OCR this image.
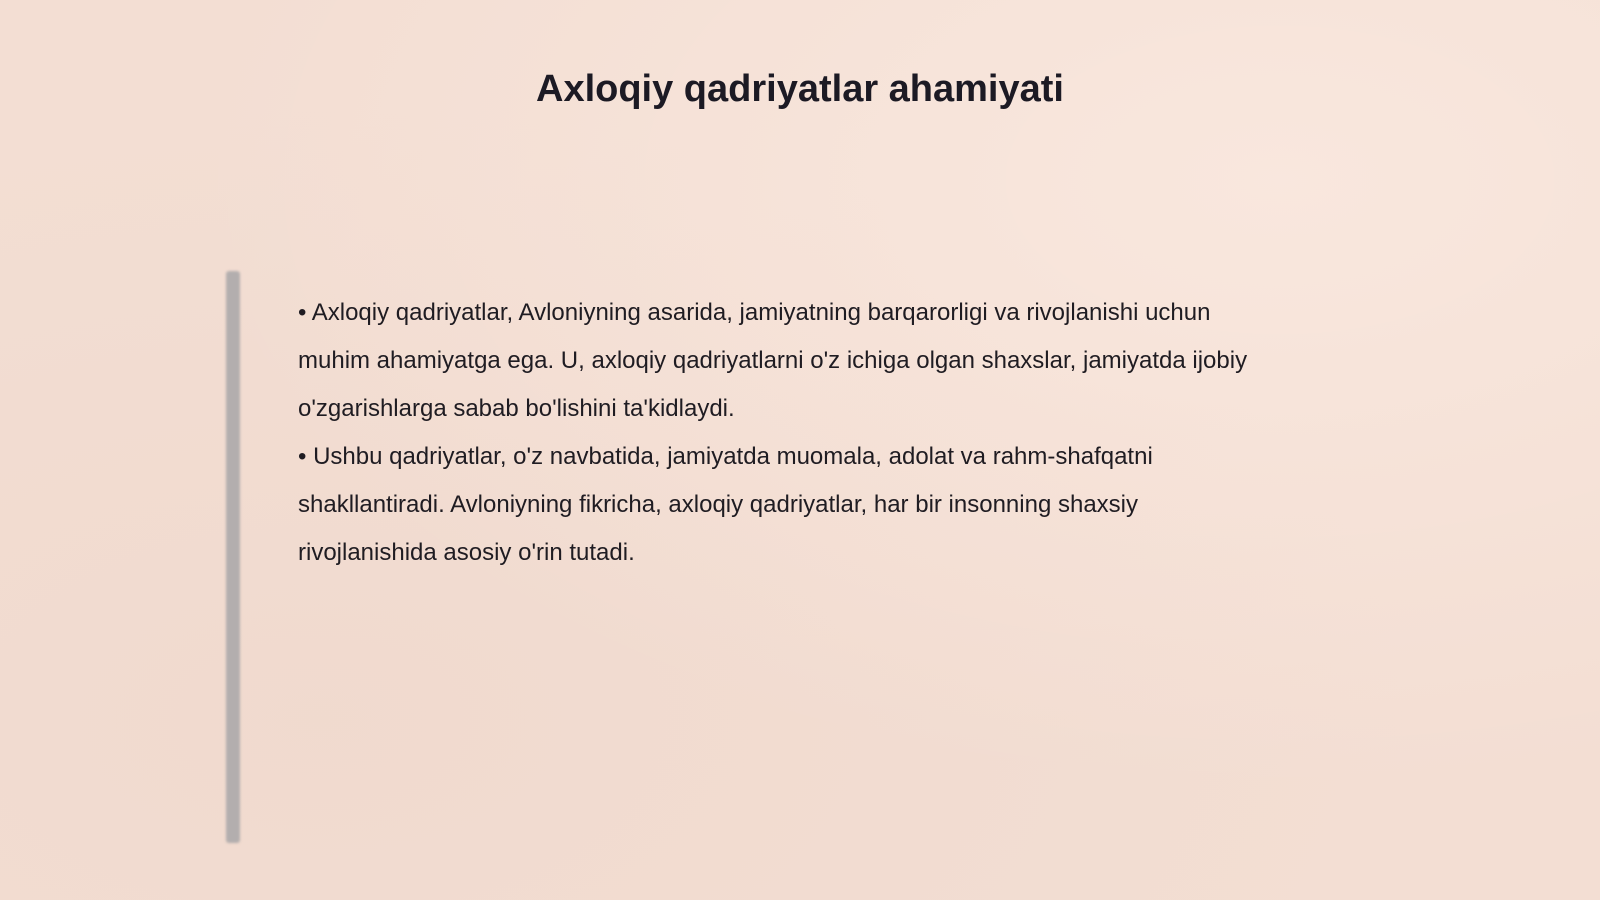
Axloqiy qadriyatlar ahamiyati

• Axloqiy qadriyatlar, Avloniyning asarida, jamiyatning barqarorligi va rivojlanishi uchun muhim ahamiyatga ega. U, axloqiy qadriyatlarni o'z ichiga olgan shaxslar, jamiyatda ijobiy o'zgarishlarga sabab bo'lishini ta'kidlaydi.

• Ushbu qadriyatlar, o'z navbatida, jamiyatda muomala, adolat va rahm-shafqatni shakllantiradi. Avloniyning fikricha, axloqiy qadriyatlar, har bir insonning shaxsiy rivojlanishida asosiy o'rin tutadi.
